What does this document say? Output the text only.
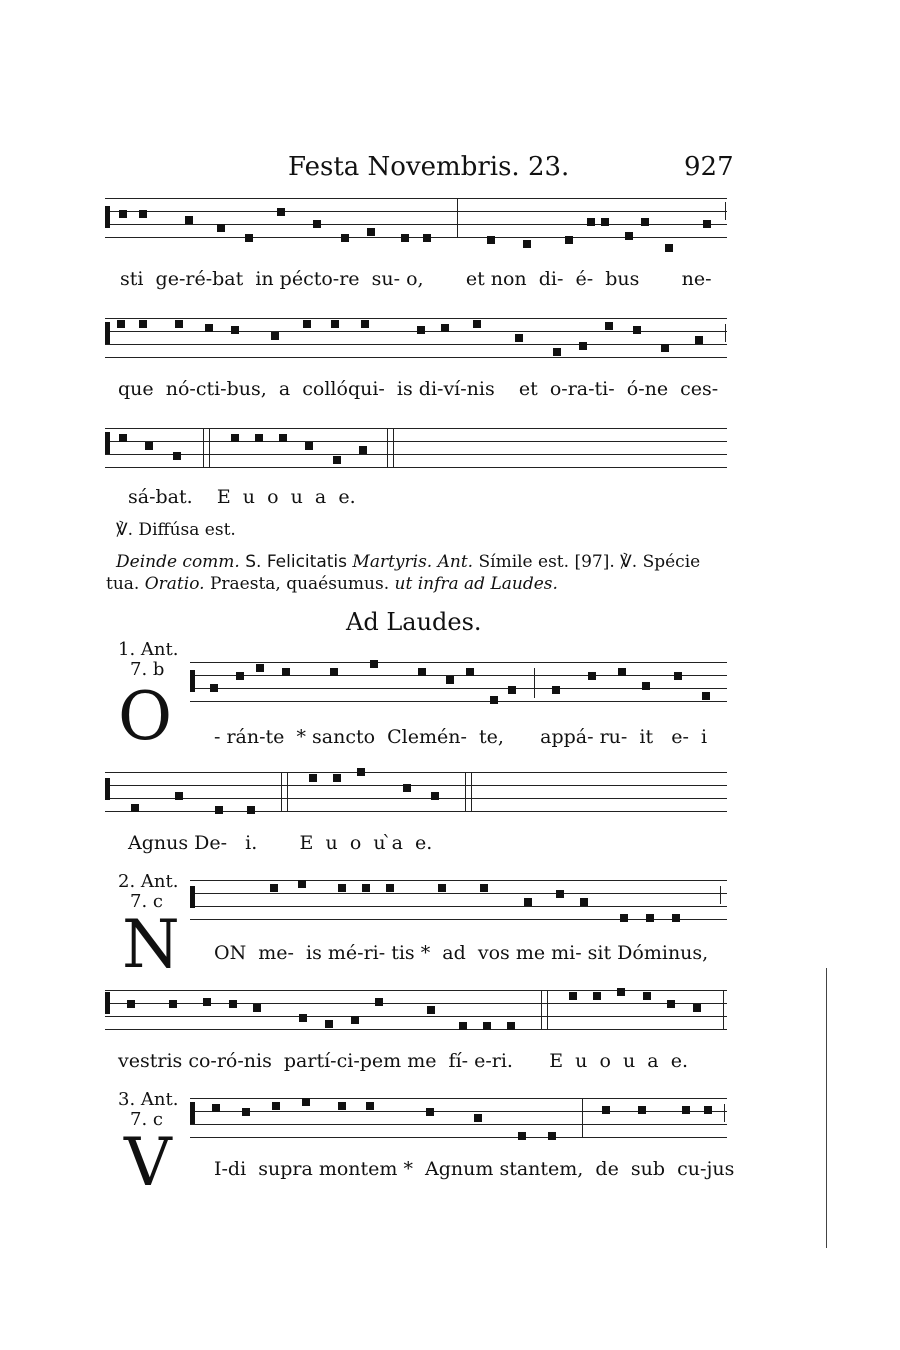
Festa Novembris. 23.	927
sti  ge-ré-bat  in pécto-re  su- o,       et non  di-  é-  bus       ne-
que  nó-cti-bus,  a  collóqui-  is di-ví-nis    et  o-ra-ti-  ó-ne  ces-
sá-bat.    E  u  o  u  a  e.
℣. Diffúsa est.
Deinde comm. S. Felicitatis Martyris. Ant. Símile est. [97]. ℣. Spécie
tua. Oratio. Praesta, quaésumus. ut infra ad Laudes.
Ad Laudes.
1. Ant.
7. b
O - rán-te  * sancto  Clemén-  te,      appá- ru-  it   e-  i
Agnus De-   i.       E  u  o  u ̀a  e.
2. Ant.
7. c
N ON  me-  is mé-ri- tis *  ad  vos me mi- sit Dóminus,
vestris co-ró-nis  partí-ci-pem me  fí- e-ri.      E  u  o  u  a  e.
3. Ant.
7. c
V I-di  supra montem *  Agnum stantem,  de  sub  cu-jus
